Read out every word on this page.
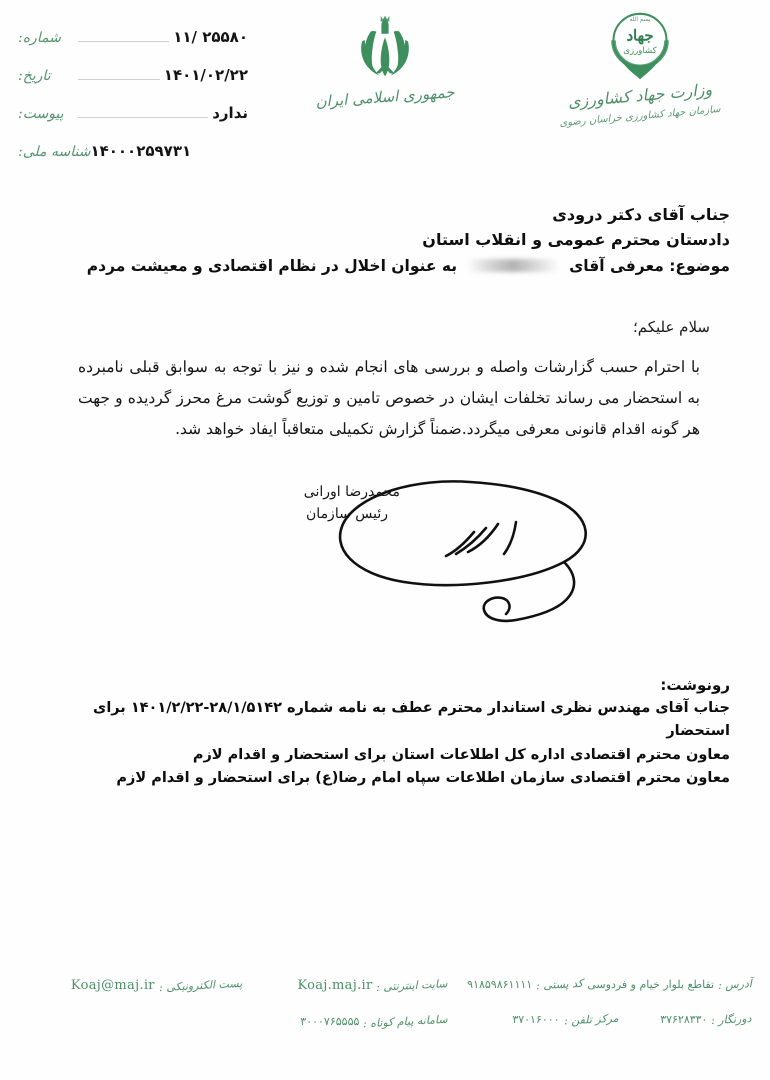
شماره:	۲۵۵۸۰ /۱۱
تاریخ:	۱۴۰۱/۰۲/۲۲
پیوست:	ندارد
شناسه ملی: ۱۴۰۰۰۲۵۹۷۳۱
جمهوری اسلامی ایران
جهاد
کشاورزی
بسم الله
وزارت جهاد کشاورزی
سازمان جهاد کشاورزی خراسان رضوی
جناب آقای دکتر درودی
دادستان محترم عمومی و انقلاب استان
موضوع: معرفی آقای
به عنوان اخلال در نظام اقتصادی و معیشت مردم
سلام علیکم؛
با احترام حسب گزارشات واصله و بررسی های انجام شده و نیز با توجه به سوابق قبلی نامبرده به استحضار می رساند تخلفات ایشان در خصوص تامین و توزیع گوشت مرغ محرز گردیده و جهت هر گونه اقدام قانونی معرفی میگردد.ضمناً گزارش تکمیلی متعاقباً ایفاد خواهد شد.
محمدرضا اورانی
رئیس سازمان
رونوشت:
جناب آقای مهندس نظری استاندار محترم عطف به نامه شماره ۲۸/۱/۵۱۴۲-۱۴۰۱/۲/۲۲ برای استحضار
معاون محترم اقتصادی اداره کل اطلاعات استان برای استحضار و اقدام لازم
معاون محترم اقتصادی سازمان اطلاعات سپاه امام رضا(ع) برای استحضار و اقدام لازم
آدرس :
تقاطع بلوار خیام و فردوسی
کد پستی :
۹۱۸۵۹۸۶۱۱۱۱
دورنگار :
۳۷۶۲۸۳۳۰
مرکز تلفن :
۳۷۰۱۶۰۰۰
سایت اینترنتی :
Koaj.maj.ir
سامانه پیام کوتاه :
۳۰۰۰۷۶۵۵۵۵
پست الکترونیکی :
Koaj@maj.ir
